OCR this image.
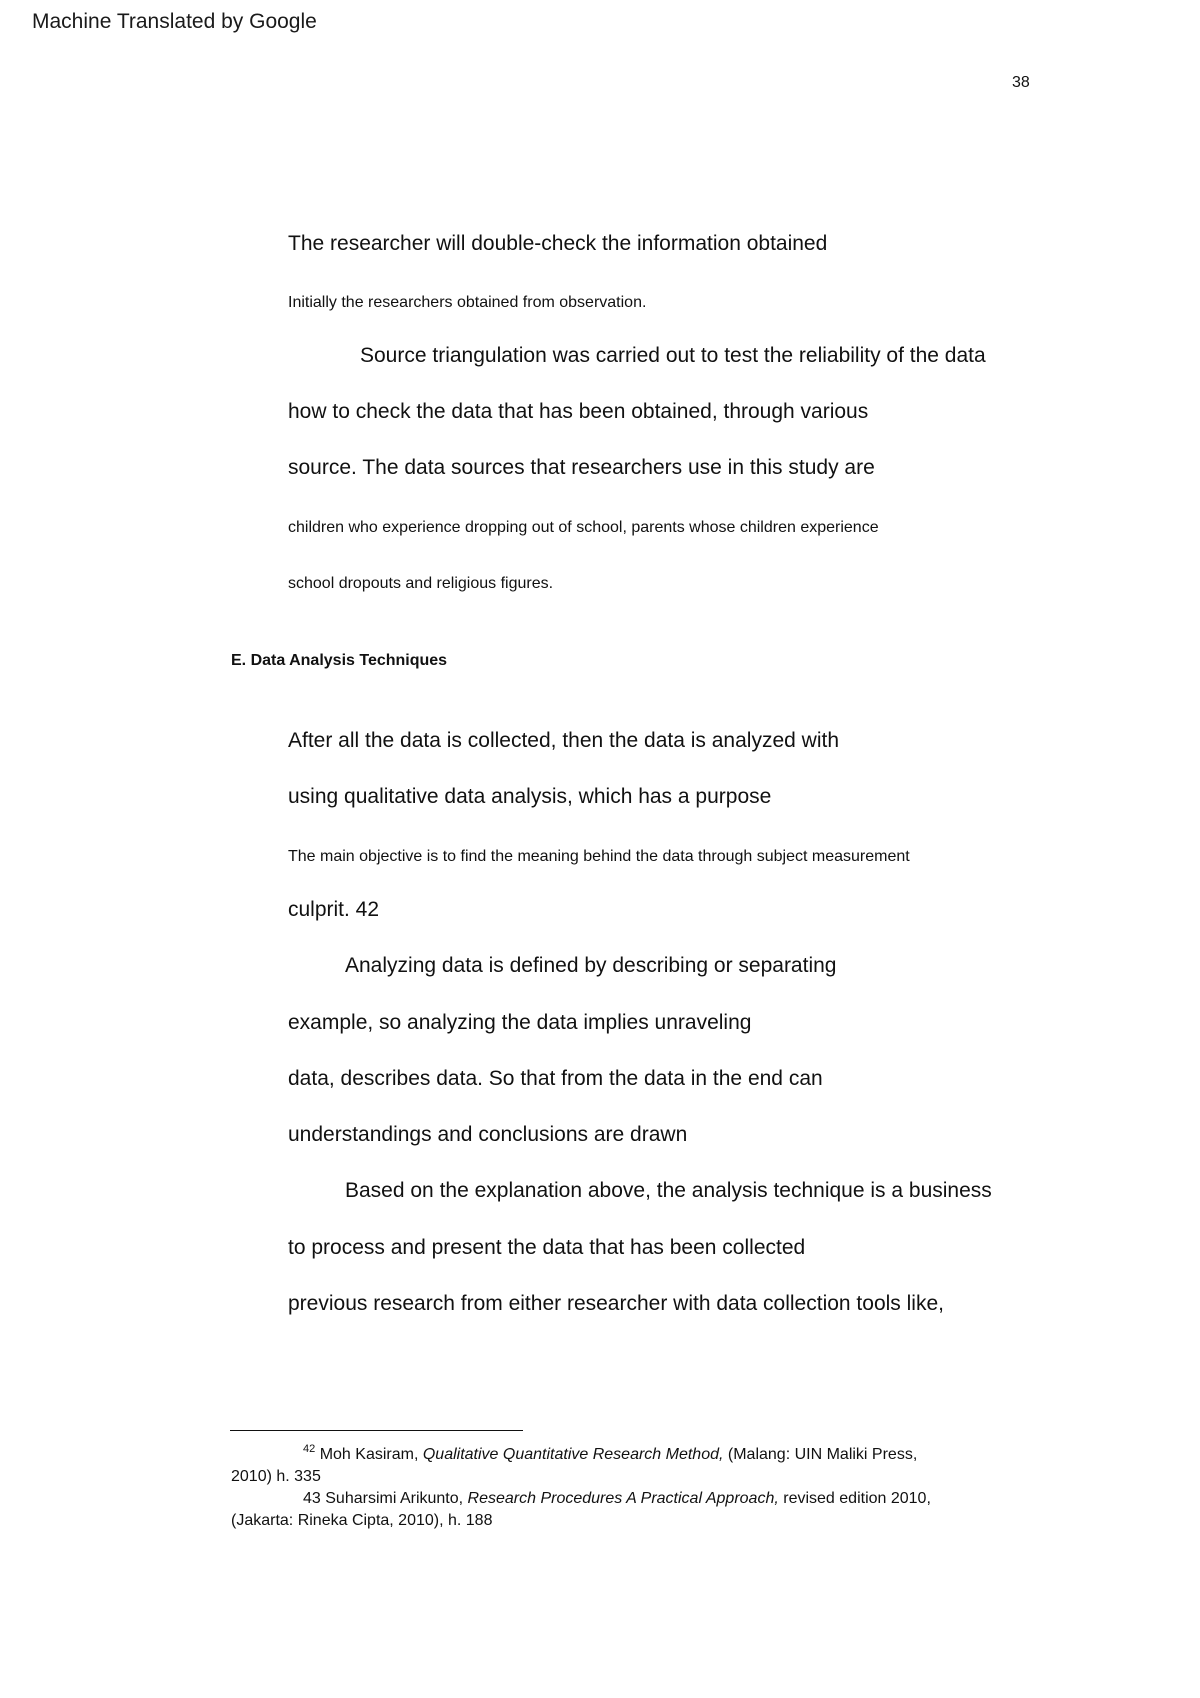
Machine Translated by Google
38
The researcher will double-check the information obtained
Initially the researchers obtained from observation.
Source triangulation was carried out to test the reliability of the data
how to check the data that has been obtained, through various
source. The data sources that researchers use in this study are
children who experience dropping out of school, parents whose children experience
school dropouts and religious figures.
E. Data Analysis Techniques
After all the data is collected, then the data is analyzed with
using qualitative data analysis, which has a purpose
The main objective is to find the meaning behind the data through subject measurement
culprit. 42
Analyzing data is defined by describing or separating
example, so analyzing the data implies unraveling
data, describes data. So that from the data in the end can
understandings and conclusions are drawn
Based on the explanation above, the analysis technique is a business
to process and present the data that has been collected
previous research from either researcher with data collection tools like,
$^{42}$ Moh Kasiram, Qualitative Quantitative Research Method, (Malang: UIN Maliki Press,
2010) h. 335
43 Suharsimi Arikunto, Research Procedures A Practical Approach, revised edition 2010,
(Jakarta: Rineka Cipta, 2010), h. 188
